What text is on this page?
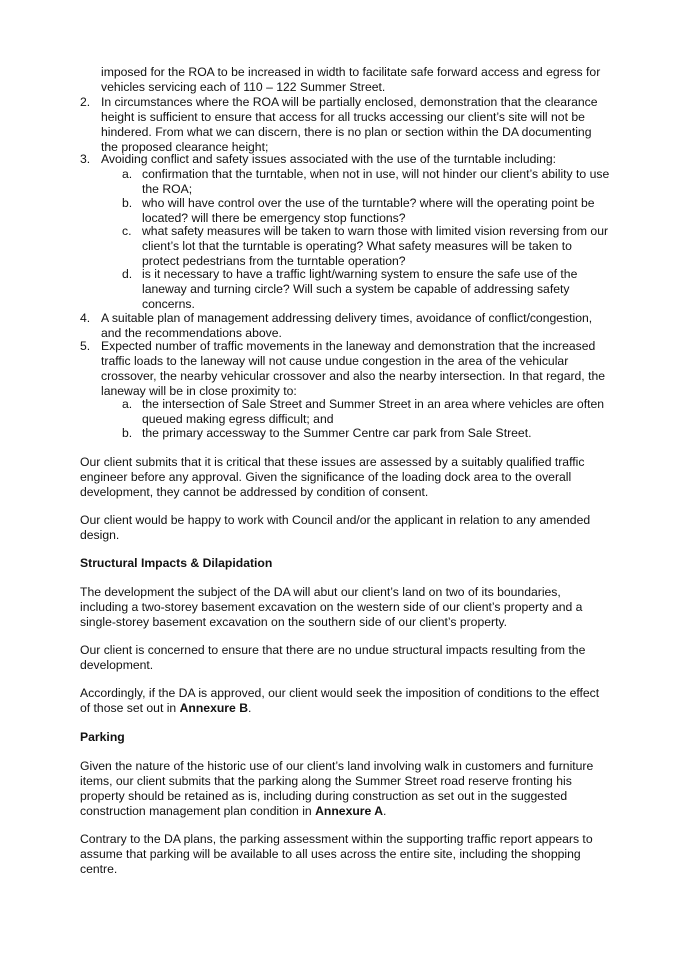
imposed for the ROA to be increased in width to facilitate safe forward access and egress for vehicles servicing each of 110 – 122 Summer Street.
2. In circumstances where the ROA will be partially enclosed, demonstration that the clearance height is sufficient to ensure that access for all trucks accessing our client’s site will not be hindered. From what we can discern, there is no plan or section within the DA documenting the proposed clearance height;
3. Avoiding conflict and safety issues associated with the use of the turntable including:
a. confirmation that the turntable, when not in use, will not hinder our client’s ability to use the ROA;
b. who will have control over the use of the turntable? where will the operating point be located? will there be emergency stop functions?
c. what safety measures will be taken to warn those with limited vision reversing from our client’s lot that the turntable is operating? What safety measures will be taken to protect pedestrians from the turntable operation?
d. is it necessary to have a traffic light/warning system to ensure the safe use of the laneway and turning circle? Will such a system be capable of addressing safety concerns.
4. A suitable plan of management addressing delivery times, avoidance of conflict/congestion, and the recommendations above.
5. Expected number of traffic movements in the laneway and demonstration that the increased traffic loads to the laneway will not cause undue congestion in the area of the vehicular crossover, the nearby vehicular crossover and also the nearby intersection. In that regard, the laneway will be in close proximity to:
a. the intersection of Sale Street and Summer Street in an area where vehicles are often queued making egress difficult; and
b. the primary accessway to the Summer Centre car park from Sale Street.
Our client submits that it is critical that these issues are assessed by a suitably qualified traffic engineer before any approval. Given the significance of the loading dock area to the overall development, they cannot be addressed by condition of consent.
Our client would be happy to work with Council and/or the applicant in relation to any amended design.
Structural Impacts & Dilapidation
The development the subject of the DA will abut our client’s land on two of its boundaries, including a two-storey basement excavation on the western side of our client’s property and a single-storey basement excavation on the southern side of our client’s property.
Our client is concerned to ensure that there are no undue structural impacts resulting from the development.
Accordingly, if the DA is approved, our client would seek the imposition of conditions to the effect of those set out in Annexure B.
Parking
Given the nature of the historic use of our client’s land involving walk in customers and furniture items, our client submits that the parking along the Summer Street road reserve fronting his property should be retained as is, including during construction as set out in the suggested construction management plan condition in Annexure A.
Contrary to the DA plans, the parking assessment within the supporting traffic report appears to assume that parking will be available to all uses across the entire site, including the shopping centre.
